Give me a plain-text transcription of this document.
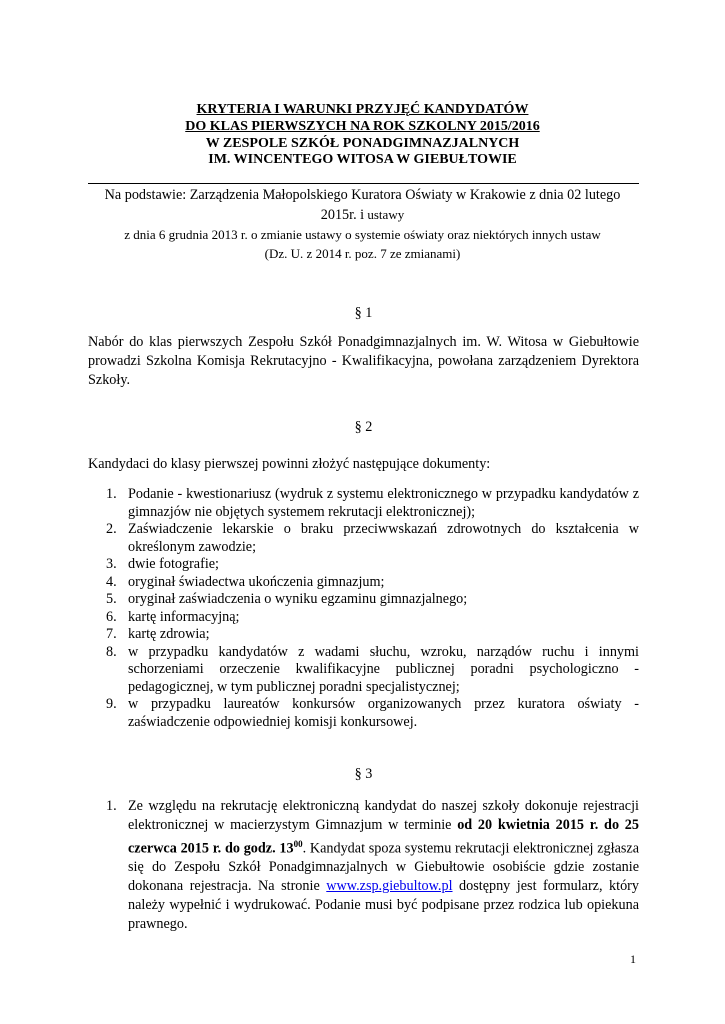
KRYTERIA I WARUNKI PRZYJĘĆ KANDYDATÓW
DO KLAS PIERWSZYCH NA ROK SZKOLNY 2015/2016
W ZESPOLE SZKÓŁ PONADGIMNAZJALNYCH
IM. WINCENTEGO WITOSA W GIEBUŁTOWIE
Na podstawie: Zarządzenia Małopolskiego Kuratora Oświaty w Krakowie z dnia 02 lutego
2015r. i ustawy
z dnia 6 grudnia 2013 r. o zmianie ustawy o systemie oświaty oraz niektórych innych ustaw
(Dz. U. z 2014 r. poz. 7 ze zmianami)
§ 1
Nabór do klas pierwszych Zespołu Szkół Ponadgimnazjalnych im. W. Witosa w Giebułtowie prowadzi Szkolna Komisja Rekrutacyjno - Kwalifikacyjna, powołana zarządzeniem Dyrektora Szkoły.
§ 2
Kandydaci do klasy pierwszej powinni złożyć następujące dokumenty:
1. Podanie - kwestionariusz (wydruk z systemu elektronicznego w przypadku kandydatów z gimnazjów nie objętych systemem rekrutacji elektronicznej);
2. Zaświadczenie lekarskie o braku przeciwwskazań zdrowotnych do kształcenia w określonym zawodzie;
3. dwie fotografie;
4. oryginał świadectwa ukończenia gimnazjum;
5. oryginał zaświadczenia o wyniku egzaminu gimnazjalnego;
6. kartę informacyjną;
7. kartę zdrowia;
8. w przypadku kandydatów z wadami słuchu, wzroku, narządów ruchu i innymi schorzeniami orzeczenie kwalifikacyjne publicznej poradni psychologiczno - pedagogicznej, w tym publicznej poradni specjalistycznej;
9. w przypadku laureatów konkursów organizowanych przez kuratora oświaty - zaświadczenie odpowiedniej komisji konkursowej.
§ 3
1. Ze względu na rekrutację elektroniczną kandydat do naszej szkoły dokonuje rejestracji elektronicznej w macierzystym Gimnazjum w terminie od 20 kwietnia 2015 r. do 25 czerwca 2015 r. do godz. $13^{00}$. Kandydat spoza systemu rekrutacji elektronicznej zgłasza się do Zespołu Szkół Ponadgimnazjalnych w Giebułtowie osobiście gdzie zostanie dokonana rejestracja. Na stronie www.zsp.giebultow.pl dostępny jest formularz, który należy wypełnić i wydrukować. Podanie musi być podpisane przez rodzica lub opiekuna prawnego.
1
